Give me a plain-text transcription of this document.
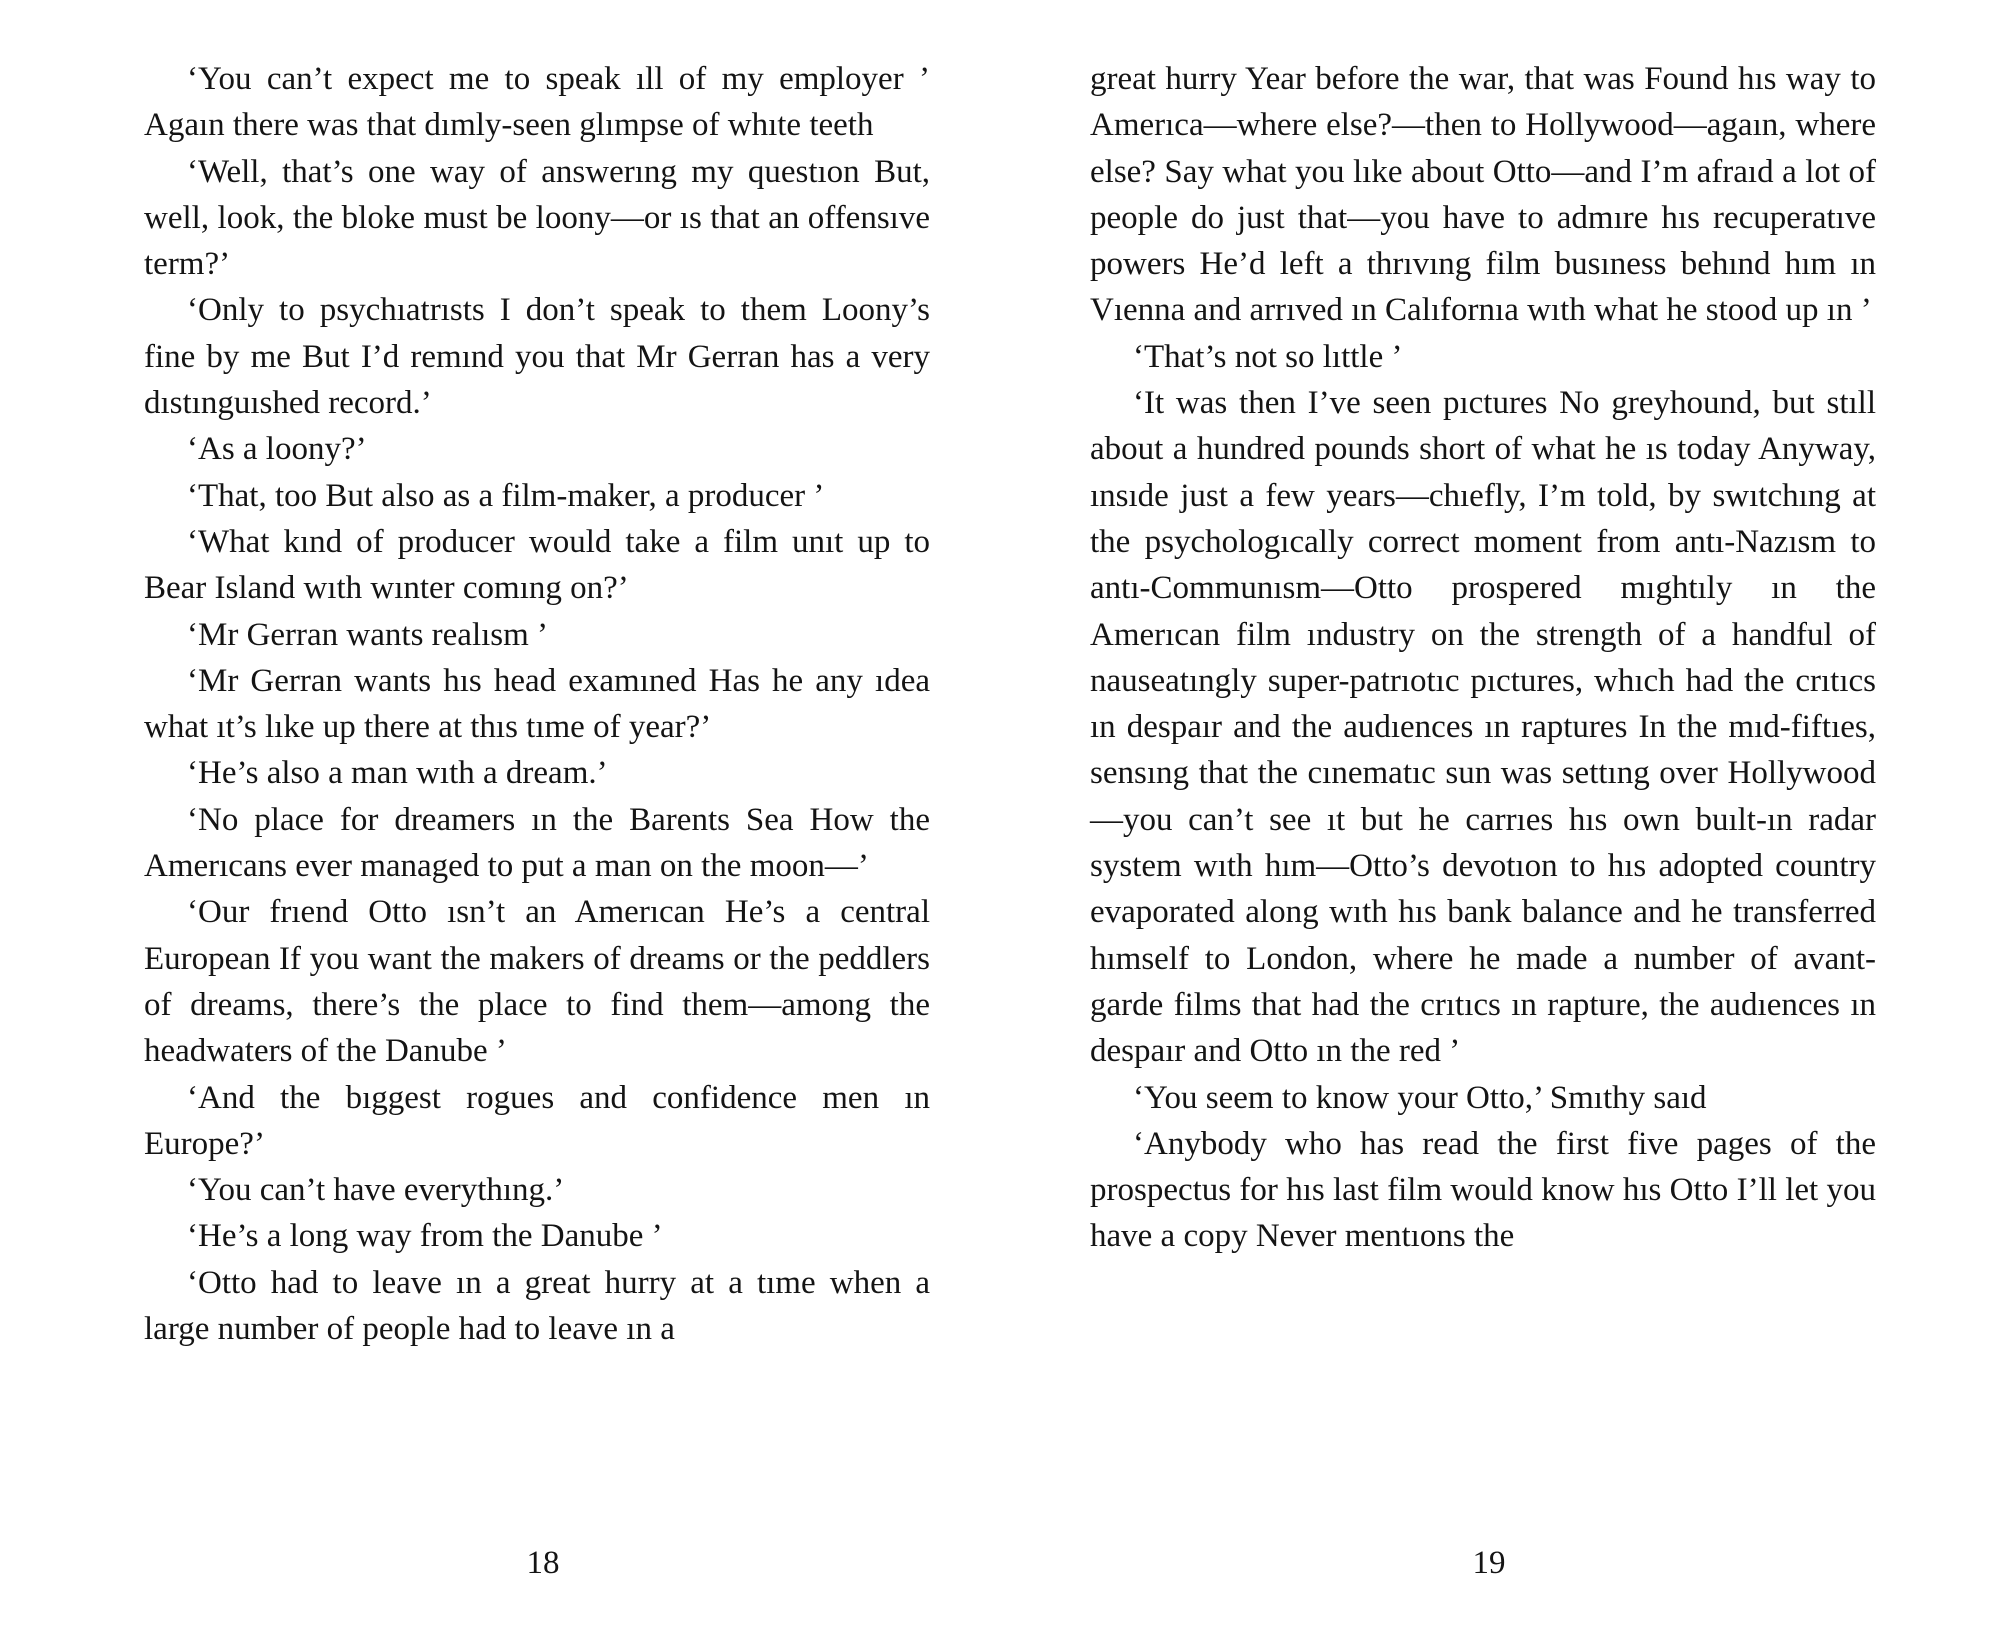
‘You can’t expect me to speak ıll of my employer ’ Agaın there was that dımly-seen glımpse of whıte teeth

‘Well, that’s one way of answerıng my questıon But, well, look, the bloke must be loony—or ıs that an offensıve term?’

‘Only to psychıatrısts I don’t speak to them Loony’s fine by me But I’d remınd you that Mr Gerran has a very dıstınguıshed record.’

‘As a loony?’

‘That, too But also as a film-maker, a producer ’

‘What kınd of producer would take a film unıt up to Bear Island wıth wınter comıng on?’

‘Mr Gerran wants realısm ’

‘Mr Gerran wants hıs head examıned Has he any ıdea what ıt’s lıke up there at thıs tıme of year?’

‘He’s also a man wıth a dream.’

‘No place for dreamers ın the Barents Sea How the Amerıcans ever managed to put a man on the moon—’

‘Our frıend Otto ısn’t an Amerıcan He’s a central European If you want the makers of dreams or the peddlers of dreams, there’s the place to find them—among the headwaters of the Danube ’

‘And the bıggest rogues and confidence men ın Europe?’

‘You can’t have everythıng.’

‘He’s a long way from the Danube ’

‘Otto had to leave ın a great hurry at a tıme when a large number of people had to leave ın a

18

great hurry Year before the war, that was Found hıs way to Amerıca—where else?—then to Hollywood—agaın, where else? Say what you lıke about Otto—and I’m afraıd a lot of people do just that—you have to admıre hıs recuperatıve powers He’d left a thrıvıng film busıness behınd hım ın Vıenna and arrıved ın Calıfornıa wıth what he stood up ın ’

‘That’s not so lıttle ’

‘It was then I’ve seen pıctures No greyhound, but stıll about a hundred pounds short of what he ıs today Anyway, ınsıde just a few years—chıefly, I’m told, by swıtchıng at the psychologıcally correct moment from antı-Nazısm to antı-Communısm—Otto prospered mıghtıly ın the Amerıcan film ındustry on the strength of a handful of nauseatıngly super-patrıotıc pıctures, whıch had the crıtıcs ın despaır and the audıences ın raptures In the mıd-fiftıes, sensıng that the cınematıc sun was settıng over Hollywood—you can’t see ıt but he carrıes hıs own buılt-ın radar system wıth hım—Otto’s devotıon to hıs adopted country evaporated along wıth hıs bank balance and he transferred hımself to London, where he made a number of avant-garde films that had the crıtıcs ın rapture, the audıences ın despaır and Otto ın the red ’

‘You seem to know your Otto,’ Smıthy saıd

‘Anybody who has read the first five pages of the prospectus for hıs last film would know hıs Otto I’ll let you have a copy Never mentıons the

19
